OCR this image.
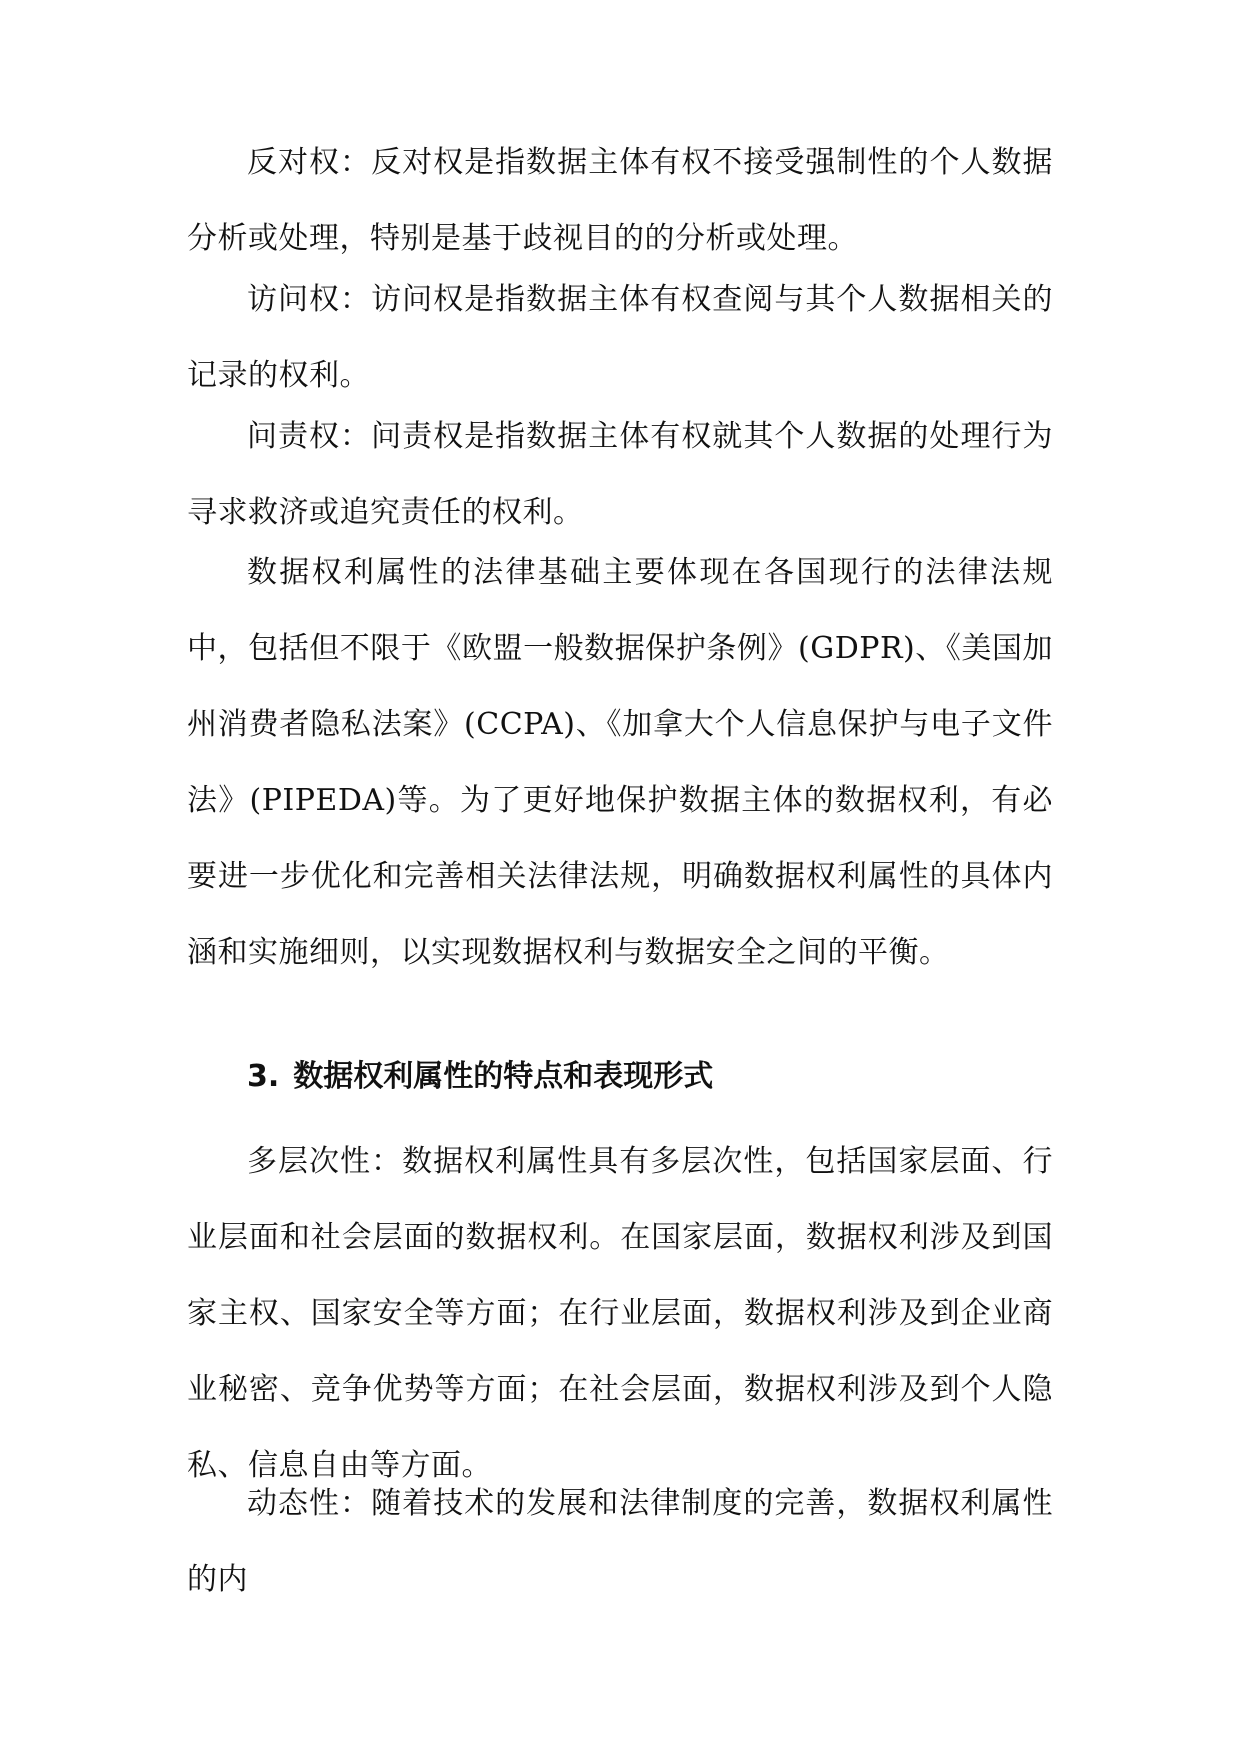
反对权：反对权是指数据主体有权不接受强制性的个人数据分析或处理，特别是基于歧视目的的分析或处理。

访问权：访问权是指数据主体有权查阅与其个人数据相关的记录的权利。

问责权：问责权是指数据主体有权就其个人数据的处理行为寻求救济或追究责任的权利。

数据权利属性的法律基础主要体现在各国现行的法律法规中，包括但不限于《欧盟一般数据保护条例》(GDPR)、《美国加州消费者隐私法案》(CCPA)、《加拿大个人信息保护与电子文件法》(PIPEDA)等。为了更好地保护数据主体的数据权利，有必要进一步优化和完善相关法律法规，明确数据权利属性的具体内涵和实施细则，以实现数据权利与数据安全之间的平衡。

3. 数据权利属性的特点和表现形式

多层次性：数据权利属性具有多层次性，包括国家层面、行业层面和社会层面的数据权利。在国家层面，数据权利涉及到国家主权、国家安全等方面；在行业层面，数据权利涉及到企业商业秘密、竞争优势等方面；在社会层面，数据权利涉及到个人隐私、信息自由等方面。

动态性：随着技术的发展和法律制度的完善，数据权利属性的内
